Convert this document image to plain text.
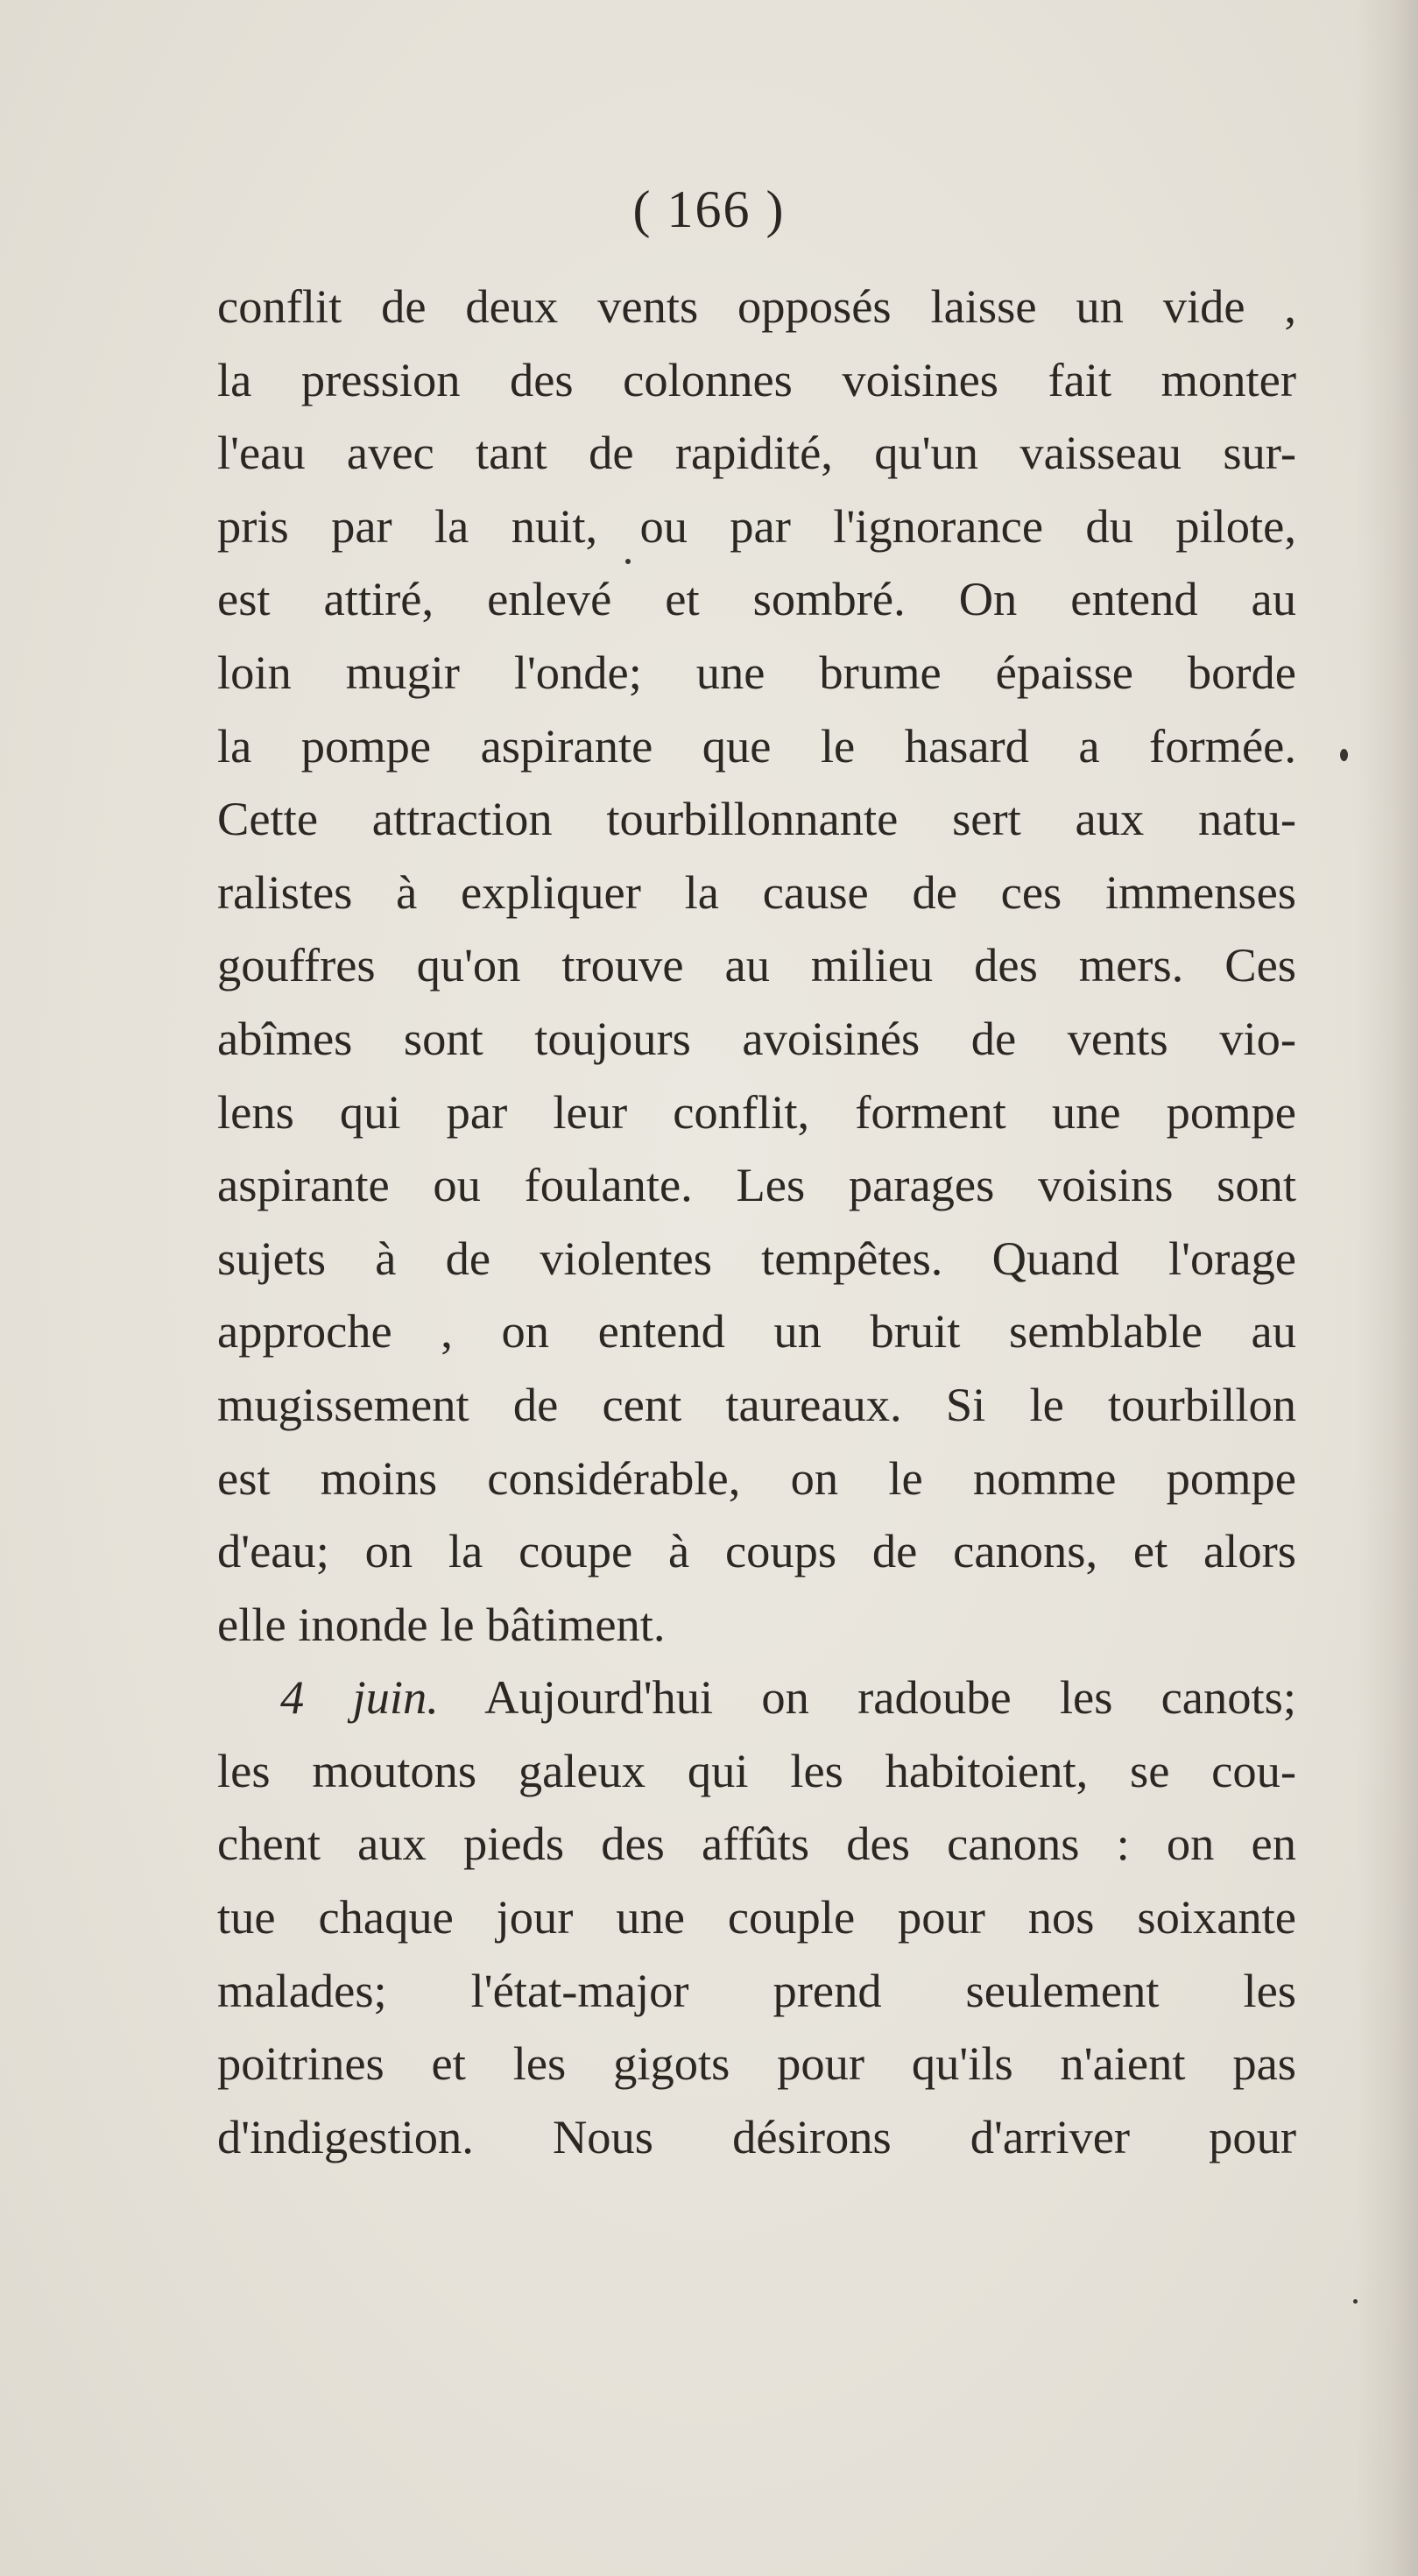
( 166 )
conflit de deux vents opposés laisse un vide ,
la pression des colonnes voisines fait monter
l'eau avec tant de rapidité, qu'un vaisseau sur-
pris par la nuit, ou par l'ignorance du pilote,
est attiré, enlevé et sombré. On entend au
loin mugir l'onde; une brume épaisse borde
la pompe aspirante que le hasard a formée.
Cette attraction tourbillonnante sert aux natu-
ralistes à expliquer la cause de ces immenses
gouffres qu'on trouve au milieu des mers. Ces
abîmes sont toujours avoisinés de vents vio-
lens qui par leur conflit, forment une pompe
aspirante ou foulante. Les parages voisins sont
sujets à de violentes tempêtes. Quand l'orage
approche , on entend un bruit semblable au
mugissement de cent taureaux. Si le tourbillon
est moins considérable, on le nomme pompe
d'eau; on la coupe à coups de canons, et alors
elle inonde le bâtiment.
4 juin. Aujourd'hui on radoube les canots;
les moutons galeux qui les habitoient, se cou-
chent aux pieds des affûts des canons : on en
tue chaque jour une couple pour nos soixante
malades; l'état-major prend seulement les
poitrines et les gigots pour qu'ils n'aient pas
d'indigestion. Nous désirons d'arriver pour
